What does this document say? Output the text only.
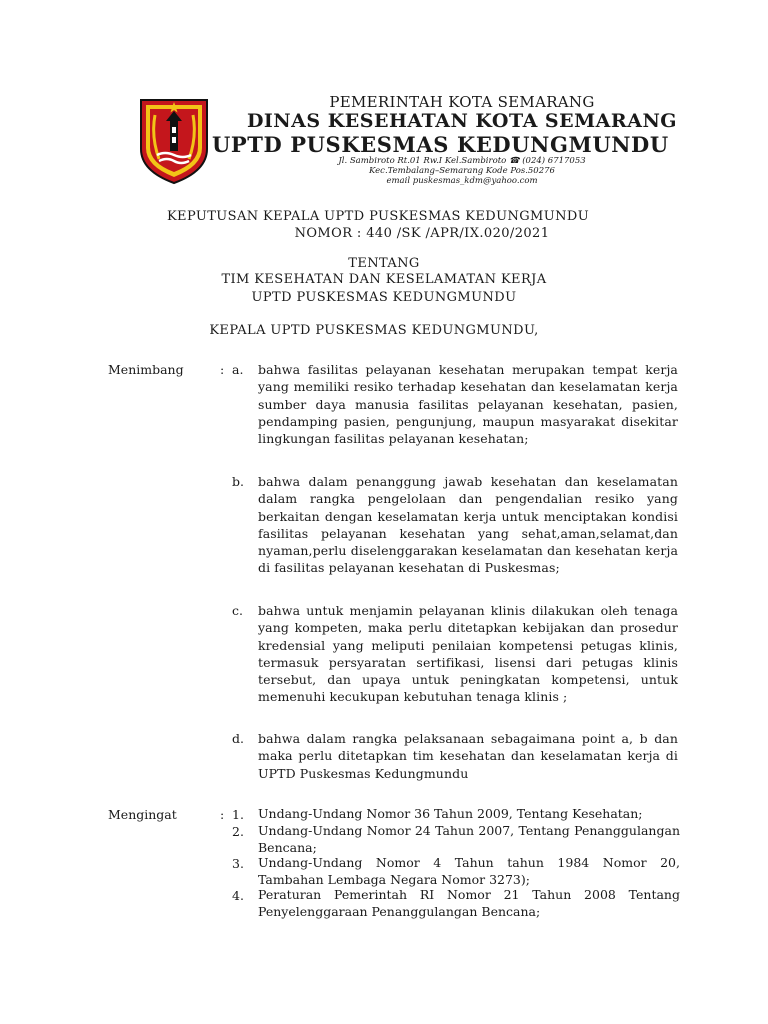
PEMERINTAH KOTA SEMARANG
DINAS KESEHATAN KOTA SEMARANG
UPTD PUSKESMAS KEDUNGMUNDU
Jl. Sambiroto Rt.01 Rw.I Kel.Sambiroto ☎ (024) 6717053
Kec.Tembalang–Semarang Kode Pos.50276
email puskesmas_kdm@yahoo.com
KEPUTUSAN KEPALA UPTD PUSKESMAS KEDUNGMUNDU
NOMOR : 440 /SK /APR/IX.020/2021
TENTANG
TIM KESEHATAN DAN KESELAMATAN KERJA
UPTD PUSKESMAS KEDUNGMUNDU
KEPALA UPTD PUSKESMAS KEDUNGMUNDU,
Menimbang	: a. bahwa fasilitas pelayanan kesehatan merupakan tempat kerja yang memiliki resiko terhadap kesehatan dan keselamatan kerja sumber daya manusia fasilitas pelayanan kesehatan, pasien, pendamping pasien, pengunjung, maupun masyarakat disekitar lingkungan fasilitas pelayanan kesehatan;
b. bahwa dalam penanggung jawab kesehatan dan keselamatan dalam rangka pengelolaan dan pengendalian resiko yang berkaitan dengan keselamatan kerja untuk menciptakan kondisi fasilitas pelayanan kesehatan yang sehat,aman,selamat,dan nyaman,perlu diselenggarakan keselamatan dan kesehatan kerja di fasilitas pelayanan kesehatan di Puskesmas;
c. bahwa untuk menjamin pelayanan klinis dilakukan oleh tenaga yang kompeten, maka perlu ditetapkan kebijakan dan prosedur kredensial yang meliputi penilaian kompetensi petugas klinis, termasuk persyaratan sertifikasi, lisensi dari petugas klinis tersebut, dan upaya untuk peningkatan kompetensi, untuk memenuhi kecukupan kebutuhan tenaga klinis ;
d. bahwa dalam rangka pelaksanaan sebagaimana point a, b dan maka perlu ditetapkan tim kesehatan dan keselamatan kerja di UPTD Puskesmas Kedungmundu
Mengingat	: 1. Undang-Undang Nomor 36 Tahun 2009, Tentang Kesehatan;
2. Undang-Undang Nomor 24 Tahun 2007, Tentang Penanggulangan Bencana;
3. Undang-Undang Nomor 4 Tahun tahun 1984 Nomor 20, Tambahan Lembaga Negara Nomor 3273);
4. Peraturan Pemerintah RI Nomor 21 Tahun 2008 Tentang Penyelenggaraan Penanggulangan Bencana;
